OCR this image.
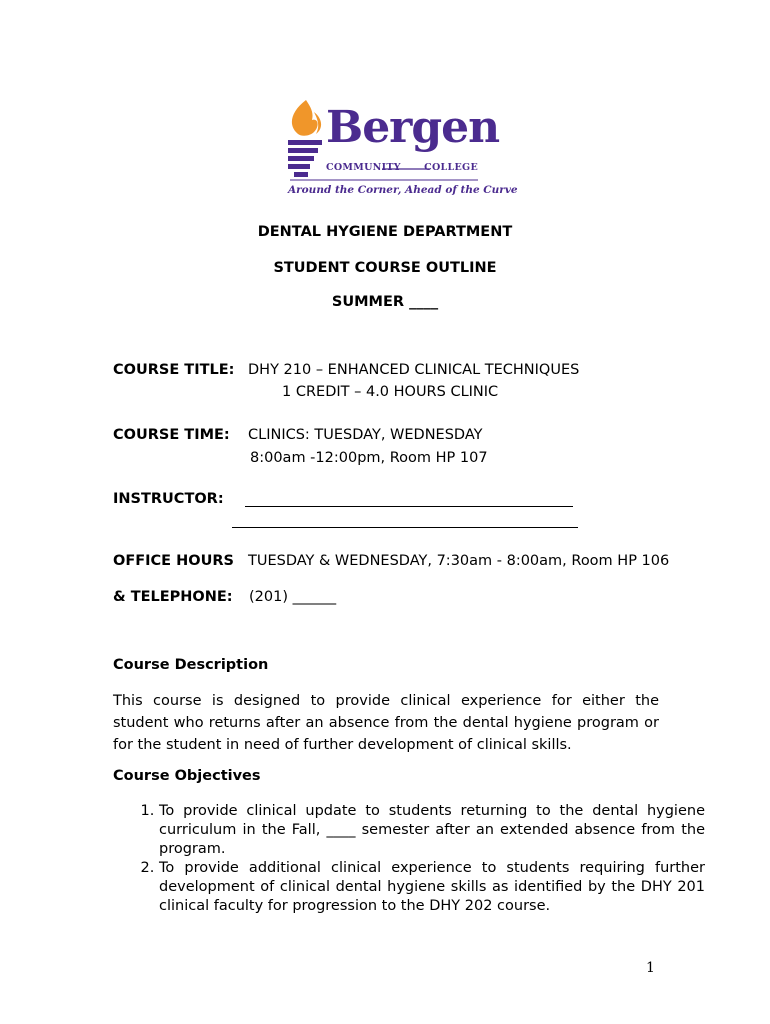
Bergen
COMMUNITY COLLEGE
Around the Corner, Ahead of the Curve
DENTAL HYGIENE DEPARTMENT
STUDENT COURSE OUTLINE
SUMMER ____
COURSE TITLE: DHY 210 – ENHANCED CLINICAL TECHNIQUES
1 CREDIT – 4.0 HOURS CLINIC
COURSE TIME: CLINICS: TUESDAY, WEDNESDAY
8:00am -12:00pm, Room HP 107
INSTRUCTOR:
OFFICE HOURS TUESDAY & WEDNESDAY, 7:30am - 8:00am, Room HP 106
& TELEPHONE: (201) ______
Course Description
This course is designed to provide clinical experience for either the student who returns after an absence from the dental hygiene program or for the student in need of further development of clinical skills.
Course Objectives
1. To provide clinical update to students returning to the dental hygiene curriculum in the Fall, ____ semester after an extended absence from the program.
2. To provide additional clinical experience to students requiring further development of clinical dental hygiene skills as identified by the DHY 201 clinical faculty for progression to the DHY 202 course.
1
